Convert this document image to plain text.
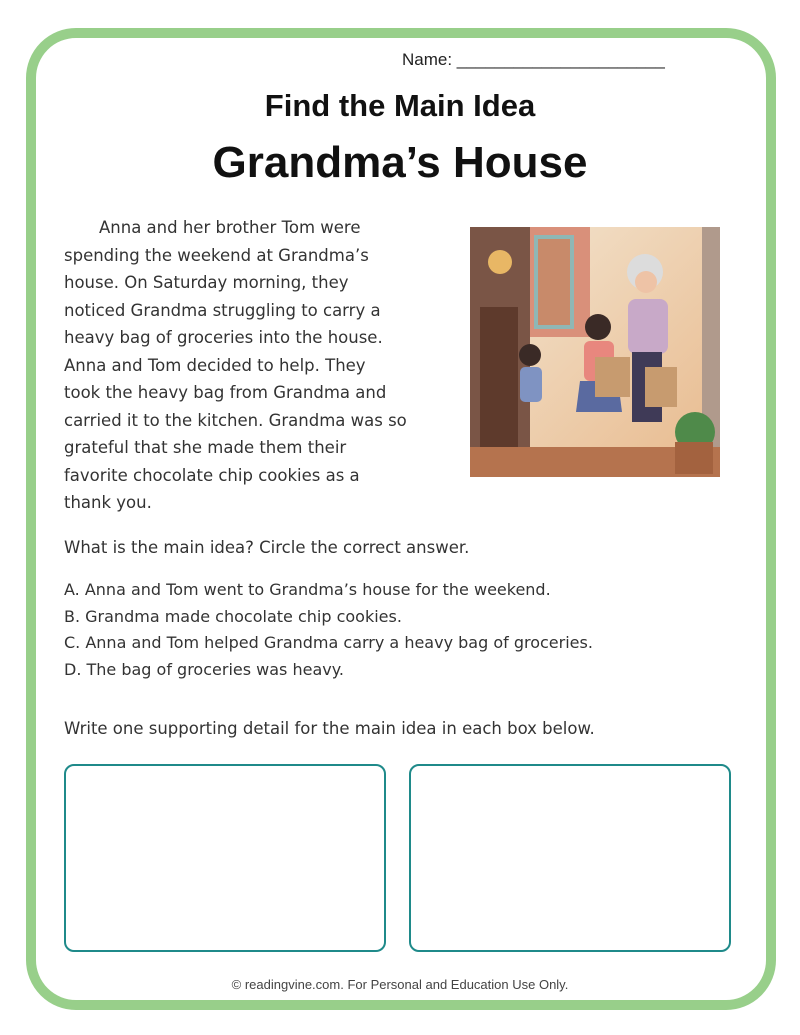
Name: ______________________
Find the Main Idea
Grandma’s House
Anna and her brother Tom were
spending the weekend at Grandma’s
house. On Saturday morning, they
noticed Grandma struggling to carry a
heavy bag of groceries into the house.
Anna and Tom decided to help. They
took the heavy bag from Grandma and
carried it to the kitchen. Grandma was so
grateful that she made them their
favorite chocolate chip cookies as a
thank you.
What is the main idea? Circle the correct answer.
A. Anna and Tom went to Grandma’s house for the weekend.
B. Grandma made chocolate chip cookies.
C. Anna and Tom helped Grandma carry a heavy bag of groceries.
D. The bag of groceries was heavy.
Write one supporting detail for the main idea in each box below.
© readingvine.com. For Personal and Education Use Only.
